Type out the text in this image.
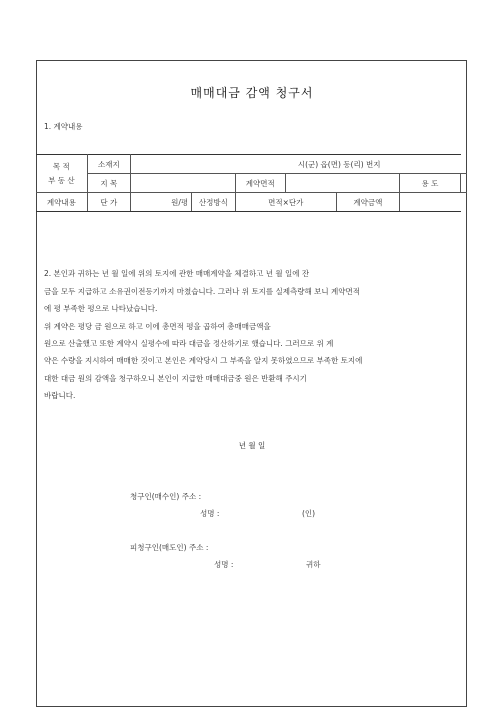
매매대금 감액 청구서
1. 계약내용
목 적
부 동 산	소재지	시(군) 읍(면) 동(리) 번지						
	지 목			계약면적			용 도	
계약내용	단 가	원/평	산정방식	면적×단가		계약금액		
2. 본인과 귀하는 년 월 일에 위의 토지에 관한 매매계약을 체결하고 년 월 일에 잔
금을 모두 지급하고 소유권이전등기까지 마쳤습니다. 그러나 위 토지를 실제측량해 보니 계약면적
에 평 부족한 평으로 나타났습니다.
위 계약은 평당 금 원으로 하고 이에 총면적 평을 곱하여 총매매금액을
원으로 산출했고 또한 계약시 실평수에 따라 대금을 정산하기로 했습니다. 그러므로 위 계
약은 수량을 지시하여 매매한 것이고 본인은 계약당시 그 부족을 알지 못하였으므로 부족한 토지에
대한 대금 원의 감액을 청구하오니 본인이 지급한 매매대금중 원은 반환해 주시기
바랍니다.
년 월 일
청구인(매수인) 주소 :
성명 :	(인)
피청구인(매도인) 주소 :
성명 :	귀하
